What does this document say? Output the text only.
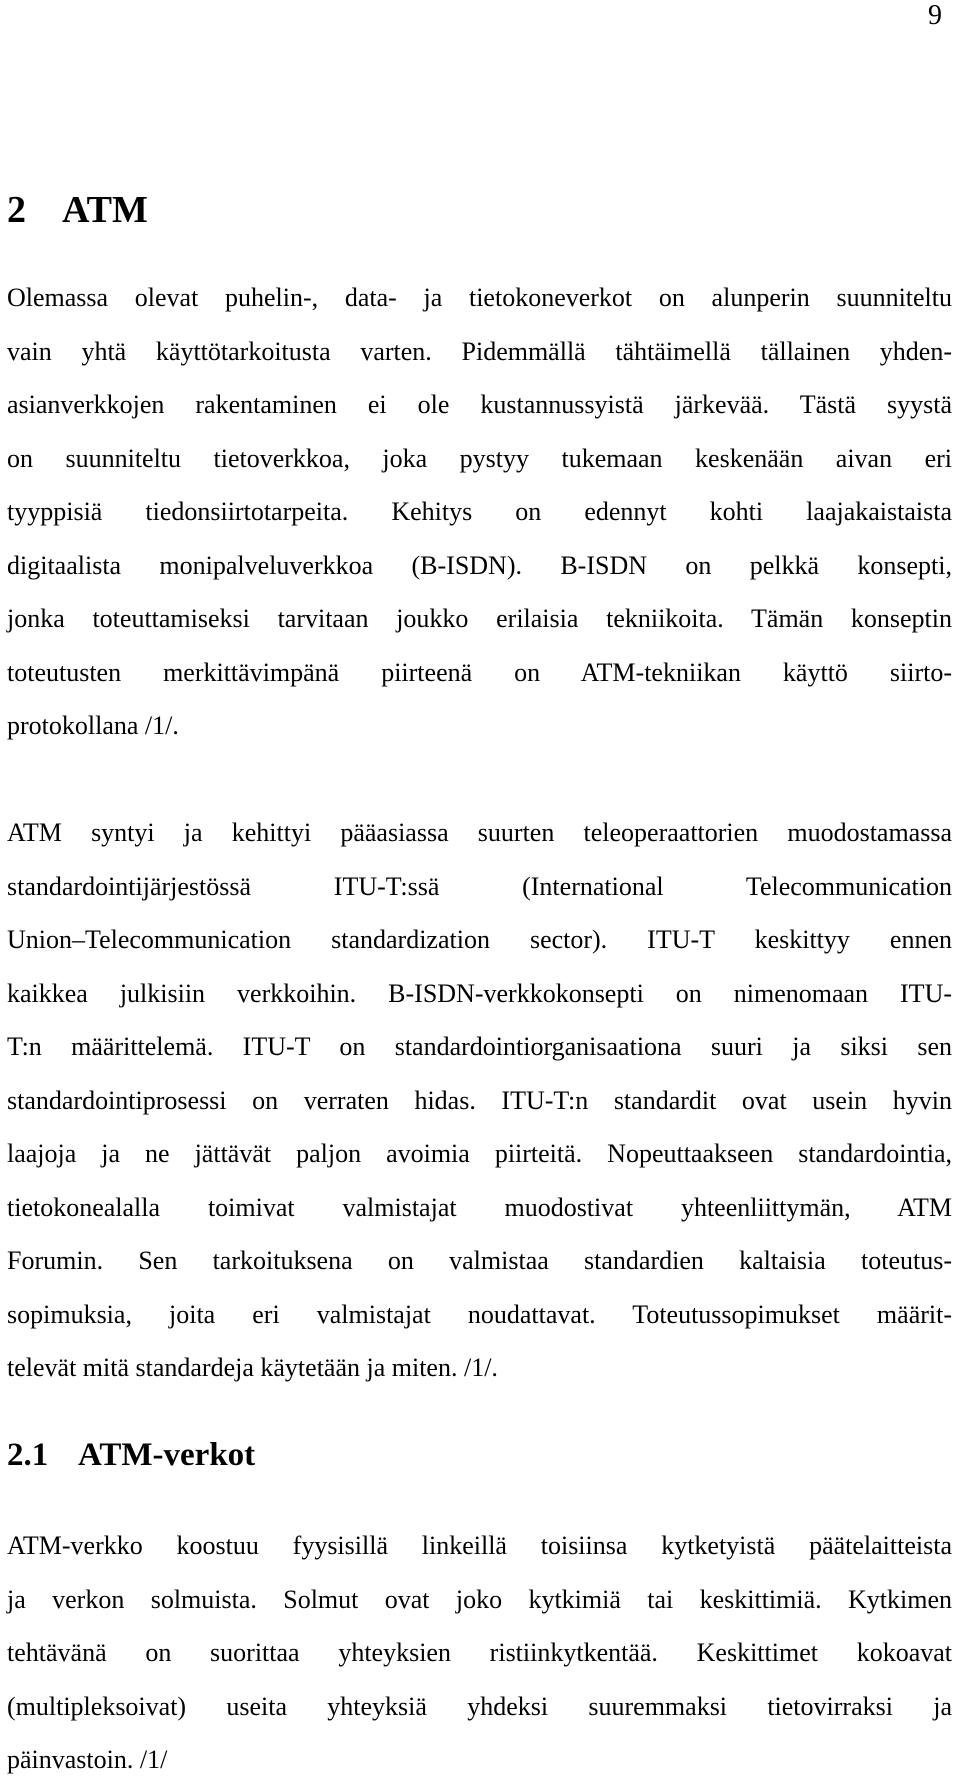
9
2 ATM

Olemassa olevat puhelin-, data- ja tietokoneverkot on alunperin suunniteltu
vain yhtä käyttötarkoitusta varten. Pidemmällä tähtäimellä tällainen yhden-
asianverkkojen rakentaminen ei ole kustannussyistä järkevää. Tästä syystä
on suunniteltu tietoverkkoa, joka pystyy tukemaan keskenään aivan eri
tyyppisiä tiedonsiirtotarpeita. Kehitys on edennyt kohti laajakaistaista
digitaalista monipalveluverkkoa (B-ISDN). B-ISDN on pelkkä konsepti,
jonka toteuttamiseksi tarvitaan joukko erilaisia tekniikoita. Tämän konseptin
toteutusten merkittävimpänä piirteenä on ATM-tekniikan käyttö siirto-
protokollana /1/.

ATM syntyi ja kehittyi pääasiassa suurten teleoperaattorien muodostamassa
standardointijärjestössä ITU-T:ssä (International Telecommunication
Union–Telecommunication standardization sector). ITU-T keskittyy ennen
kaikkea julkisiin verkkoihin. B-ISDN-verkkokonsepti on nimenomaan ITU-
T:n määrittelemä. ITU-T on standardointiorganisaationa suuri ja siksi sen
standardointiprosessi on verraten hidas. ITU-T:n standardit ovat usein hyvin
laajoja ja ne jättävät paljon avoimia piirteitä. Nopeuttaakseen standardointia,
tietokonealalla toimivat valmistajat muodostivat yhteenliittymän, ATM
Forumin. Sen tarkoituksena on valmistaa standardien kaltaisia toteutus-
sopimuksia, joita eri valmistajat noudattavat. Toteutussopimukset määrit-
televät mitä standardeja käytetään ja miten. /1/.

2.1 ATM-verkot

ATM-verkko koostuu fyysisillä linkeillä toisiinsa kytketyistä päätelaitteista
ja verkon solmuista. Solmut ovat joko kytkimiä tai keskittimiä. Kytkimen
tehtävänä on suorittaa yhteyksien ristiinkytkentää. Keskittimet kokoavat
(multipleksoivat) useita yhteyksiä yhdeksi suuremmaksi tietovirraksi ja
päinvastoin. /1/
